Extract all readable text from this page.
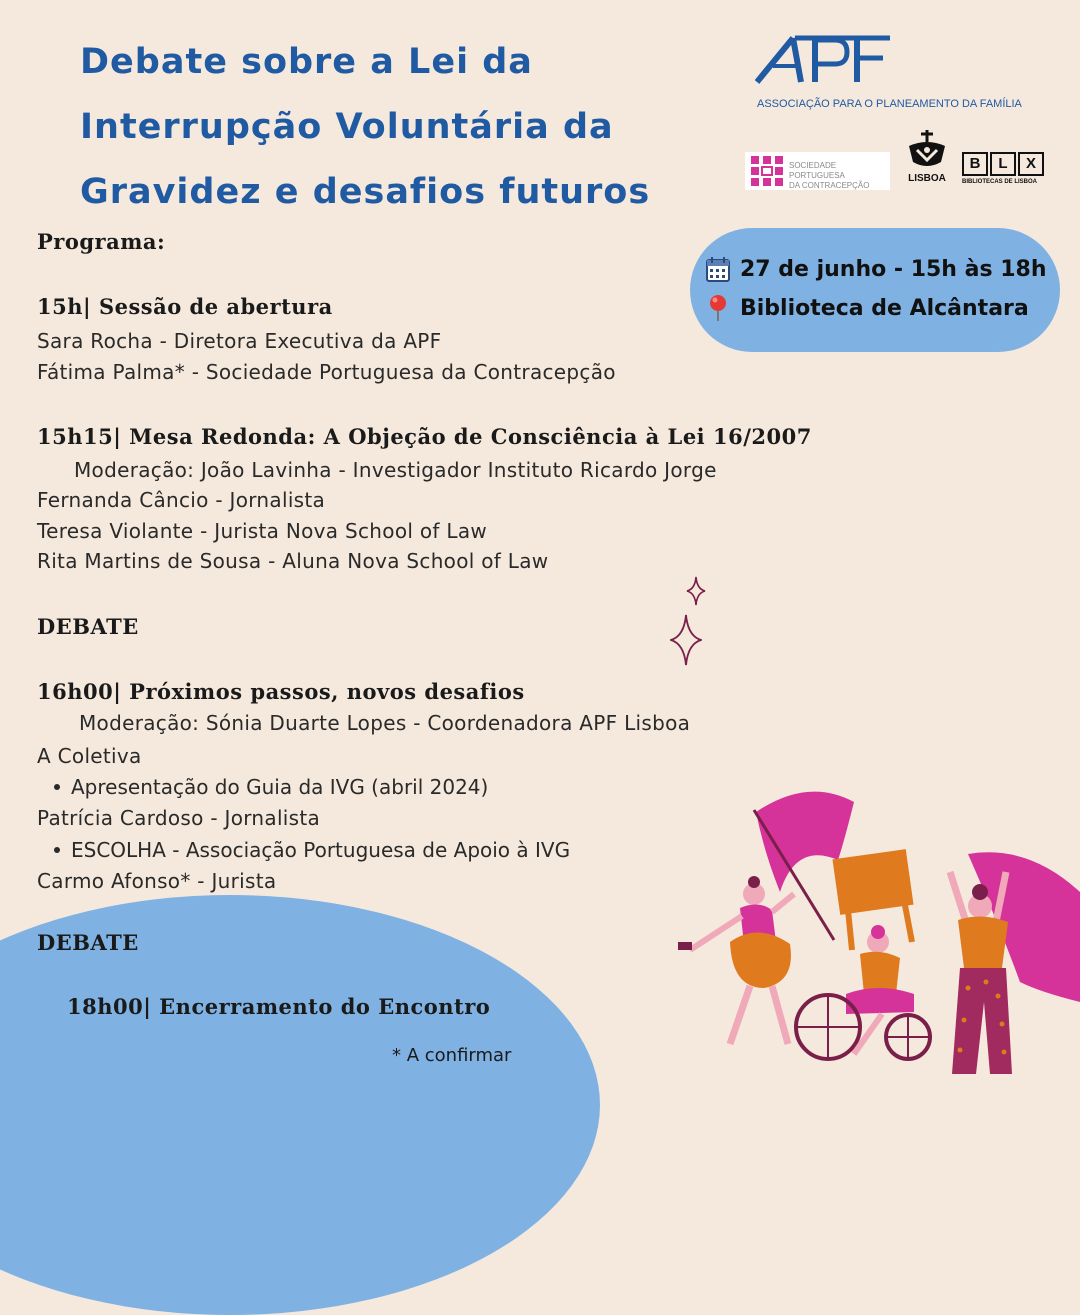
Debate sobre a Lei da
Interrupção Voluntária da
Gravidez e desafios futuros
ASSOCIAÇÃO PARA O PLANEAMENTO DA FAMÍLIA
SOCIEDADE PORTUGUESA
DA CONTRACEPÇÃO
LISBOA
B	L	X
BIBLIOTECAS DE LISBOA
27 de junho - 15h às 18h
Biblioteca de Alcântara

Programa:

15h| Sessão de abertura

Sara Rocha - Diretora Executiva da APF

Fátima Palma* - Sociedade Portuguesa da Contracepção

15h15| Mesa Redonda: A Objeção de Consciência à Lei 16/2007

Moderação: João Lavinha - Investigador Instituto Ricardo Jorge

Fernanda Câncio - Jornalista

Teresa Violante - Jurista Nova School of Law

Rita Martins de Sousa - Aluna Nova School of Law

DEBATE

16h00| Próximos passos, novos desafios

Moderação: Sónia Duarte Lopes - Coordenadora APF Lisboa

A Coletiva

Apresentação do Guia da IVG (abril 2024)

Patrícia Cardoso - Jornalista

ESCOLHA - Associação Portuguesa de Apoio à IVG

Carmo Afonso* - Jurista

DEBATE

18h00| Encerramento do Encontro

* A confirmar
